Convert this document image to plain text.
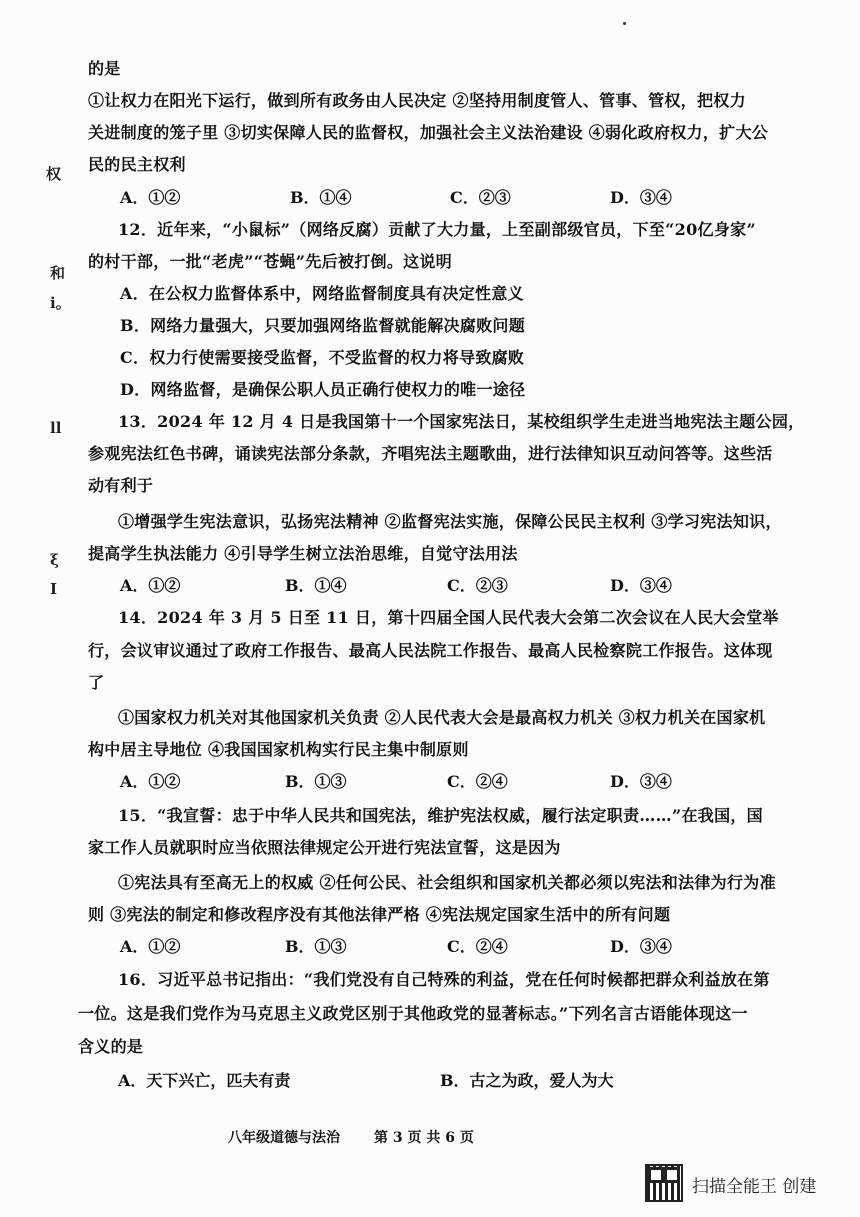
权
和
i。
ll
ξ
I
的是
①让权力在阳光下运行，做到所有政务由人民决定 ②坚持用制度管人、管事、管权，把权力
关进制度的笼子里 ③切实保障人民的监督权，加强社会主义法治建设 ④弱化政府权力，扩大公
民的民主权利
A．①②	B．①④	C．②③	D．③④
12．近年来，“小鼠标”（网络反腐）贡献了大力量，上至副部级官员，下至“20亿身家”
的村干部，一批“老虎”“苍蝇”先后被打倒。这说明
A．在公权力监督体系中，网络监督制度具有决定性意义
B．网络力量强大，只要加强网络监督就能解决腐败问题
C．权力行使需要接受监督，不受监督的权力将导致腐败
D．网络监督，是确保公职人员正确行使权力的唯一途径
13．2024 年 12 月 4 日是我国第十一个国家宪法日，某校组织学生走进当地宪法主题公园，
参观宪法红色书碑，诵读宪法部分条款，齐唱宪法主题歌曲，进行法律知识互动问答等。这些活
动有利于
①增强学生宪法意识，弘扬宪法精神 ②监督宪法实施，保障公民民主权利 ③学习宪法知识，
提高学生执法能力 ④引导学生树立法治思维，自觉守法用法
A．①②	B．①④	C．②③	D．③④
14．2024 年 3 月 5 日至 11 日，第十四届全国人民代表大会第二次会议在人民大会堂举
行，会议审议通过了政府工作报告、最高人民法院工作报告、最高人民检察院工作报告。这体现
了
①国家权力机关对其他国家机关负责 ②人民代表大会是最高权力机关 ③权力机关在国家机
构中居主导地位 ④我国国家机构实行民主集中制原则
A．①②	B．①③	C．②④	D．③④
15．“我宣誓：忠于中华人民共和国宪法，维护宪法权威，履行法定职责……”在我国，国
家工作人员就职时应当依照法律规定公开进行宪法宣誓，这是因为
①宪法具有至高无上的权威 ②任何公民、社会组织和国家机关都必须以宪法和法律为行为准
则 ③宪法的制定和修改程序没有其他法律严格 ④宪法规定国家生活中的所有问题
A．①②	B．①③	C．②④	D．③④
16．习近平总书记指出：“我们党没有自己特殊的利益，党在任何时候都把群众利益放在第
一位。这是我们党作为马克思主义政党区别于其他政党的显著标志。”下列名言古语能体现这一
含义的是
A．天下兴亡，匹夫有责	B．古之为政，爱人为大
八年级道德与法治 第 3 页 共 6 页
扫描全能王 创建
